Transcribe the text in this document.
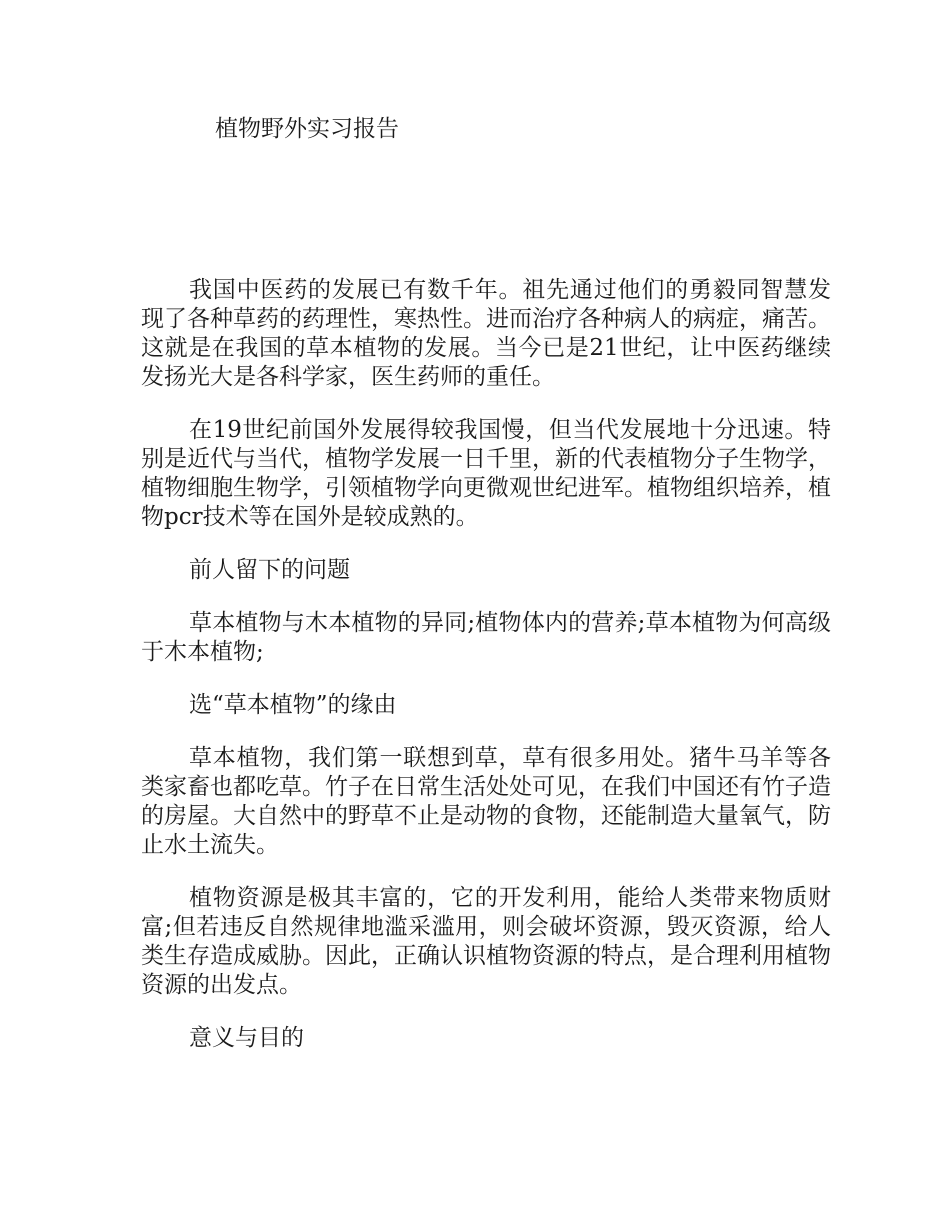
植物野外实习报告

我国中医药的发展已有数千年。祖先通过他们的勇毅同智慧发现了各种草药的药理性，寒热性。进而治疗各种病人的病症，痛苦。这就是在我国的草本植物的发展。当今已是21世纪，让中医药继续发扬光大是各科学家，医生药师的重任。

在19世纪前国外发展得较我国慢，但当代发展地十分迅速。特别是近代与当代，植物学发展一日千里，新的代表植物分子生物学，植物细胞生物学，引领植物学向更微观世纪进军。植物组织培养，植物pcr技术等在国外是较成熟的。

前人留下的问题

草本植物与木本植物的异同;植物体内的营养;草本植物为何高级于木本植物;

选“草本植物”的缘由

草本植物，我们第一联想到草，草有很多用处。猪牛马羊等各类家畜也都吃草。竹子在日常生活处处可见，在我们中国还有竹子造的房屋。大自然中的野草不止是动物的食物，还能制造大量氧气，防止水土流失。

植物资源是极其丰富的，它的开发利用，能给人类带来物质财富;但若违反自然规律地滥采滥用，则会破坏资源，毁灭资源，给人类生存造成威胁。因此，正确认识植物资源的特点，是合理利用植物资源的出发点。

意义与目的
